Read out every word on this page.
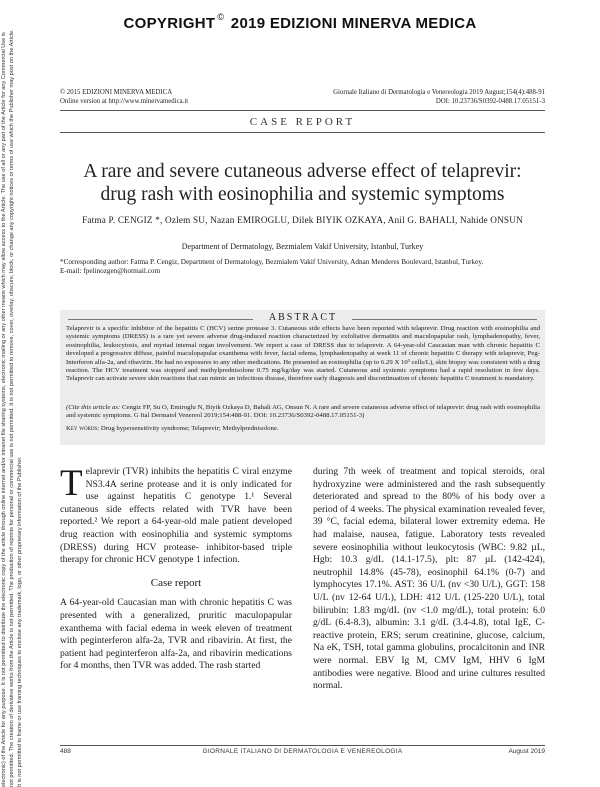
COPYRIGHT © 2019 EDIZIONI MINERVA MEDICA
electronic) of the Article for any purpose. It is not permitted to distribute the electronic copy of the article through online internet and/or intranet file sharing systems, electronic mailing or any other means which may allow access to the Article. The use of all or any part of the Article for any Commercial Use is not permitted. The creation of derivative works from the Article is not permitted. The production of reprints for personal or commercial use is not permitted. It is not permitted to remove, cover, overlay, obscure, block, or change any copyright notices or terms of use which the Publisher may post on the Article. It is not permitted to frame or use framing techniques to enclose any trademark, logo, or other proprietary information of the Publisher.
© 2015 EDIZIONI MINERVA MEDICA
Online version at http://www.minervamedica.it
Giornale Italiano di Dermatologia e Venereologia 2019 August;154(4):488-91
DOI: 10.23736/S0392-0488.17.05151-3
CASE REPORT
A rare and severe cutaneous adverse effect of telaprevir:
drug rash with eosinophilia and systemic symptoms
Fatma P. CENGIZ *, Ozlem SU, Nazan EMIROGLU, Dilek BIYIK OZKAYA, Anil G. BAHALI, Nahide ONSUN
Department of Dermatology, Bezmialem Vakif University, Istanbul, Turkey
*Corresponding author: Fatma P. Cengiz, Department of Dermatology, Bezmialem Vakif University, Adnan Menderes Boulevard, Istanbul, Turkey.
E-mail: fpelinozgen@hotmail.com
ABSTRACT
Telaprevir is a specific inhibitor of the hepatitis C (HCV) serine protease 3. Cutaneous side effects have been reported with telaprevir. Drug reaction with eosinophilia and systemic symptoms (DRESS) is a rare yet severe adverse drug-induced reaction characterized by exfoliative dermatitis and maculopapular rash, lymphadenopathy, fever, eosinophilia, leukocytosis, and myriad internal organ involvement. We report a case of DRESS due to telaprevir. A 64-year-old Caucasian man with chronic hepatitis C developed a progressive diffuse, painful maculopapular exanthema with fever, facial edema, lymphadenopathy at week 11 of chronic hepatitis C therapy with telaprevir, Peg-Interferon alfa-2a, and ribavirin. He had no exposures to any other medications. He presented an eosinophilia (up to 6.29 X 10³ cells/L), skin biopsy was consistent with a drug reaction. The HCV treatment was stopped and methylprednisolone 0.75 mg/kg/day was started. Cutaneous and systemic symptoms had a rapid resolution in few days. Telaprevir can activate severe skin reactions that can mimic an infectious disease, therefore early diagnosis and discontinuation of chronic hepatitis C treatment is mandatory.
(Cite this article as: Cengiz FP, Su O, Emiroglu N, Biyik Ozkaya D, Bahali AG, Onsun N. A rare and severe cutaneous adverse effect of telaprevir: drug rash with eosinophilia and systemic symptoms. G Ital Dermatol Venereol 2019;154:488-91. DOI: 10.23736/S0392-0488.17.05151-3)
Key words: Drug hypersensitivity syndrome; Telaprevir; Methylprednisolone.
Telaprevir (TVR) inhibits the hepatitis C viral enzyme NS3.4A serine protease and it is only indicated for use against hepatitis C genotype 1.¹ Several cutaneous side effects related with TVR have been reported.² We report a 64-year-old male patient developed drug reaction with eosinophilia and systemic symptoms (DRESS) during HCV protease- inhibitor-based triple therapy for chronic HCV genotype 1 infection.
Case report
A 64-year-old Caucasian man with chronic hepatitis C was presented with a generalized, pruritic maculopapular exanthema with facial edema in week eleven of treatment with peginterferon alfa-2a, TVR and ribavirin. At first, the patient had peginterferon alfa-2a, and ribavirin medications for 4 months, then TVR was added. The rash started
during 7th week of treatment and topical steroids, oral hydroxyzine were administered and the rash subsequently deteriorated and spread to the 80% of his body over a period of 4 weeks. The physical examination revealed fever, 39 °C, facial edema, bilateral lower extremity edema. He had malaise, nausea, fatigue. Laboratory tests revealed severe eosinophilia without leukocytosis (WBC: 9.82 µL, Hgb: 10.3 g/dL (14.1-17.5), plt: 87 µL (142-424), neutrophil 14.8% (45-78), eosinophil 64.1% (0-7) and lymphocytes 17.1%. AST: 36 U/L (nv <30 U/L), GGT: 158 U/L (nv 12-64 U/L), LDH: 412 U/L (125-220 U/L), total bilirubin: 1.83 mg/dL (nv <1.0 mg/dL), total protein: 6.0 g/dL (6.4-8.3), albumin: 3.1 g/dL (3.4-4.8), total IgE, C-reactive protein, ERS; serum creatinine, glucose, calcium, Na eK, TSH, total gamma globulins, procalcitonin and INR were normal. EBV Ig M, CMV IgM, HHV 6 IgM antibodies were negative. Blood and urine cultures resulted normal.
488	GIORNALE ITALIANO DI DERMATOLOGIA E VENEREOLOGIA	August 2019
